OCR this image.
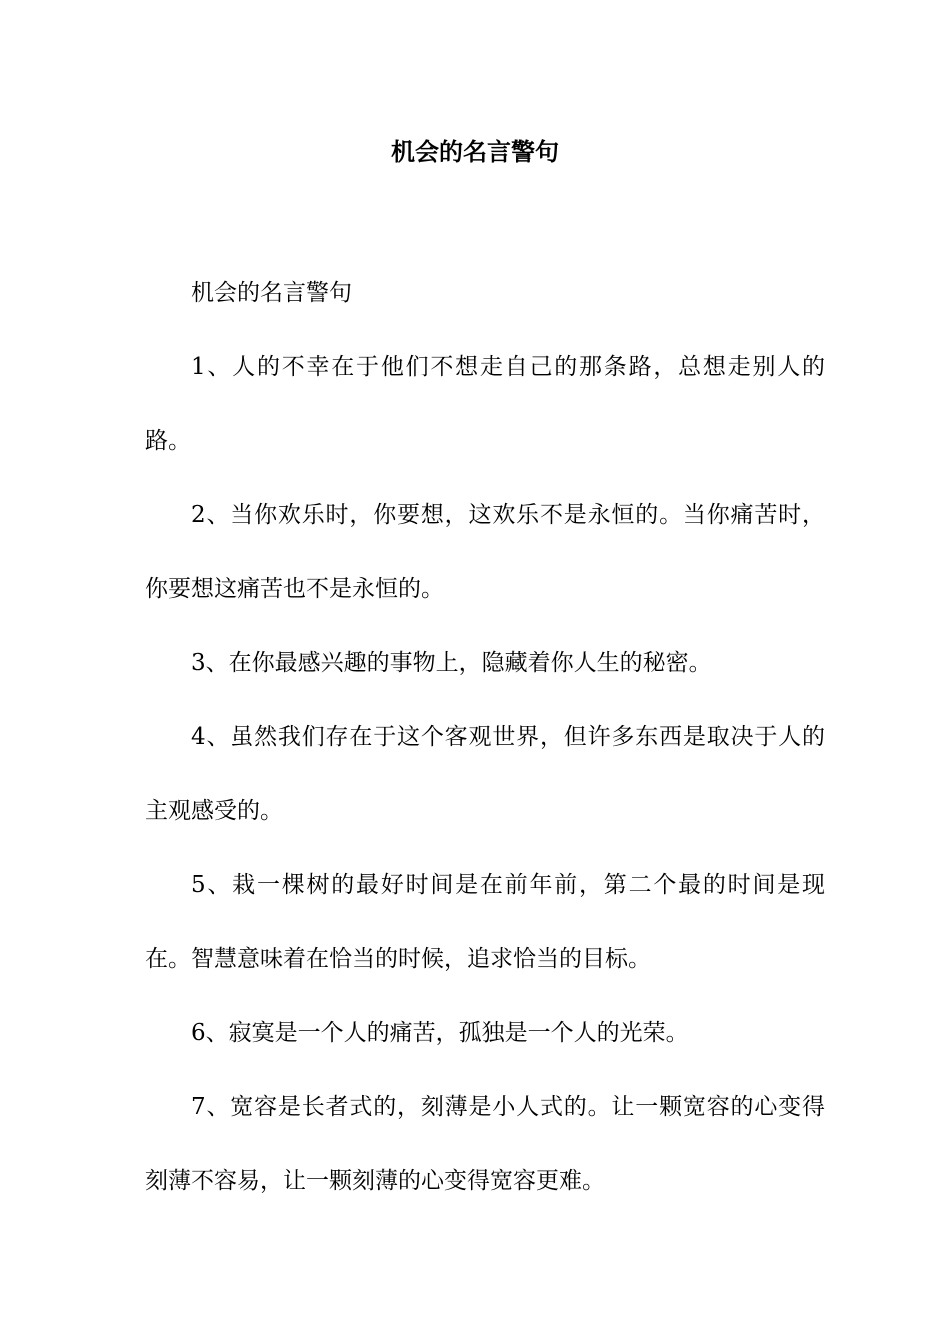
机会的名言警句

机会的名言警句

1、人的不幸在于他们不想走自己的那条路，总想走别人的路。

2、当你欢乐时，你要想，这欢乐不是永恒的。当你痛苦时，你要想这痛苦也不是永恒的。

3、在你最感兴趣的事物上，隐藏着你人生的秘密。

4、虽然我们存在于这个客观世界，但许多东西是取决于人的主观感受的。

5、栽一棵树的最好时间是在前年前，第二个最的时间是现在。智慧意味着在恰当的时候，追求恰当的目标。

6、寂寞是一个人的痛苦，孤独是一个人的光荣。

7、宽容是长者式的，刻薄是小人式的。让一颗宽容的心变得刻薄不容易，让一颗刻薄的心变得宽容更难。
